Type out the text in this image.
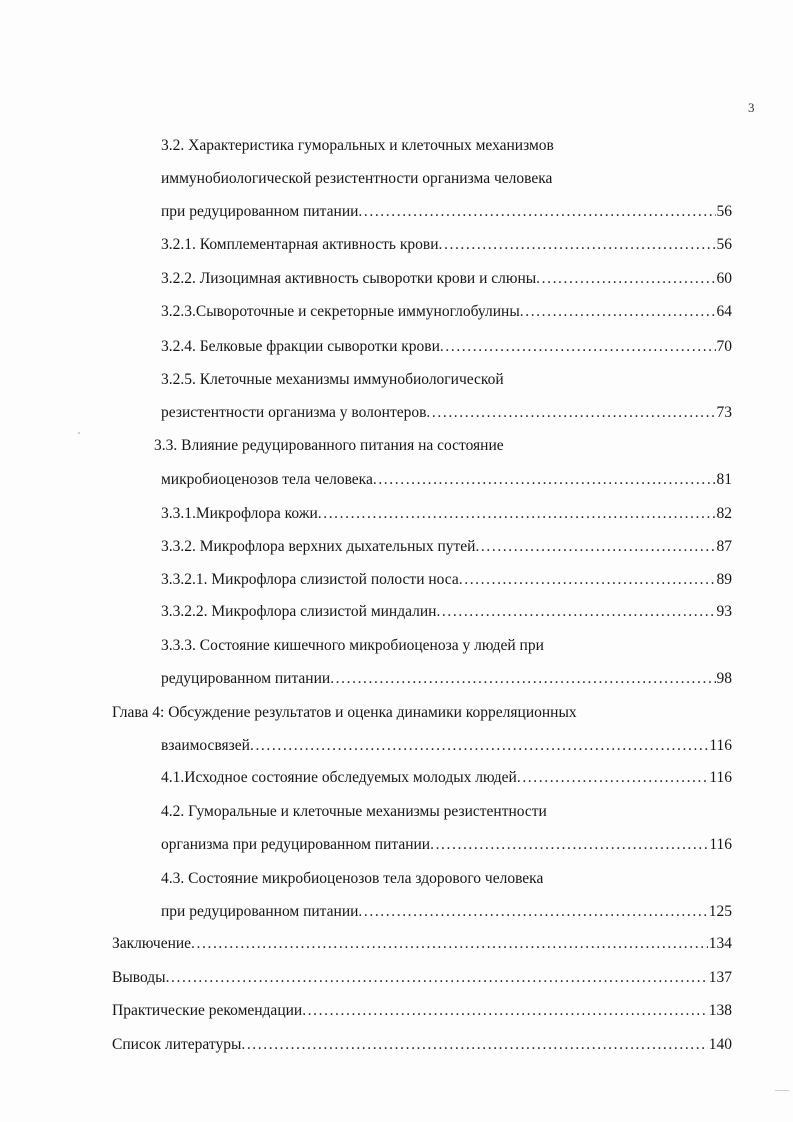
3
3.2. Характеристика гуморальных и клеточных механизмов
иммунобиологической резистентности организма человека
при редуцированном питании .....	56
3.2.1. Комплементарная активность крови .....	56
3.2.2. Лизоцимная активность сыворотки крови и слюны .....	60
3.2.3.Сывороточные и секреторные иммуноглобулины .....	64
3.2.4. Белковые фракции сыворотки крови .....	70
3.2.5. Клеточные механизмы иммунобиологической
резистентности организма у волонтеров .....	73
3.3. Влияние редуцированного питания на состояние
микробиоценозов тела человека .....	81
3.3.1.Микрофлора кожи .....	82
3.3.2. Микрофлора верхних дыхательных путей .....	87
3.3.2.1. Микрофлора слизистой полости носа .....	89
3.3.2.2. Микрофлора слизистой миндалин .....	93
3.3.3. Состояние кишечного микробиоценоза у людей при
редуцированном питании .....	98
Глава 4: Обсуждение результатов и оценка динамики корреляционных
взаимосвязей .....	116
4.1.Исходное состояние обследуемых молодых людей .....	116
4.2. Гуморальные и клеточные механизмы резистентности
организма при редуцированном питании .....	116
4.3. Состояние микробиоценозов тела здорового человека
при редуцированном питании .....	125
Заключение .....	134
Выводы .....	137
Практические рекомендации .....	138
Список литературы .....	140
